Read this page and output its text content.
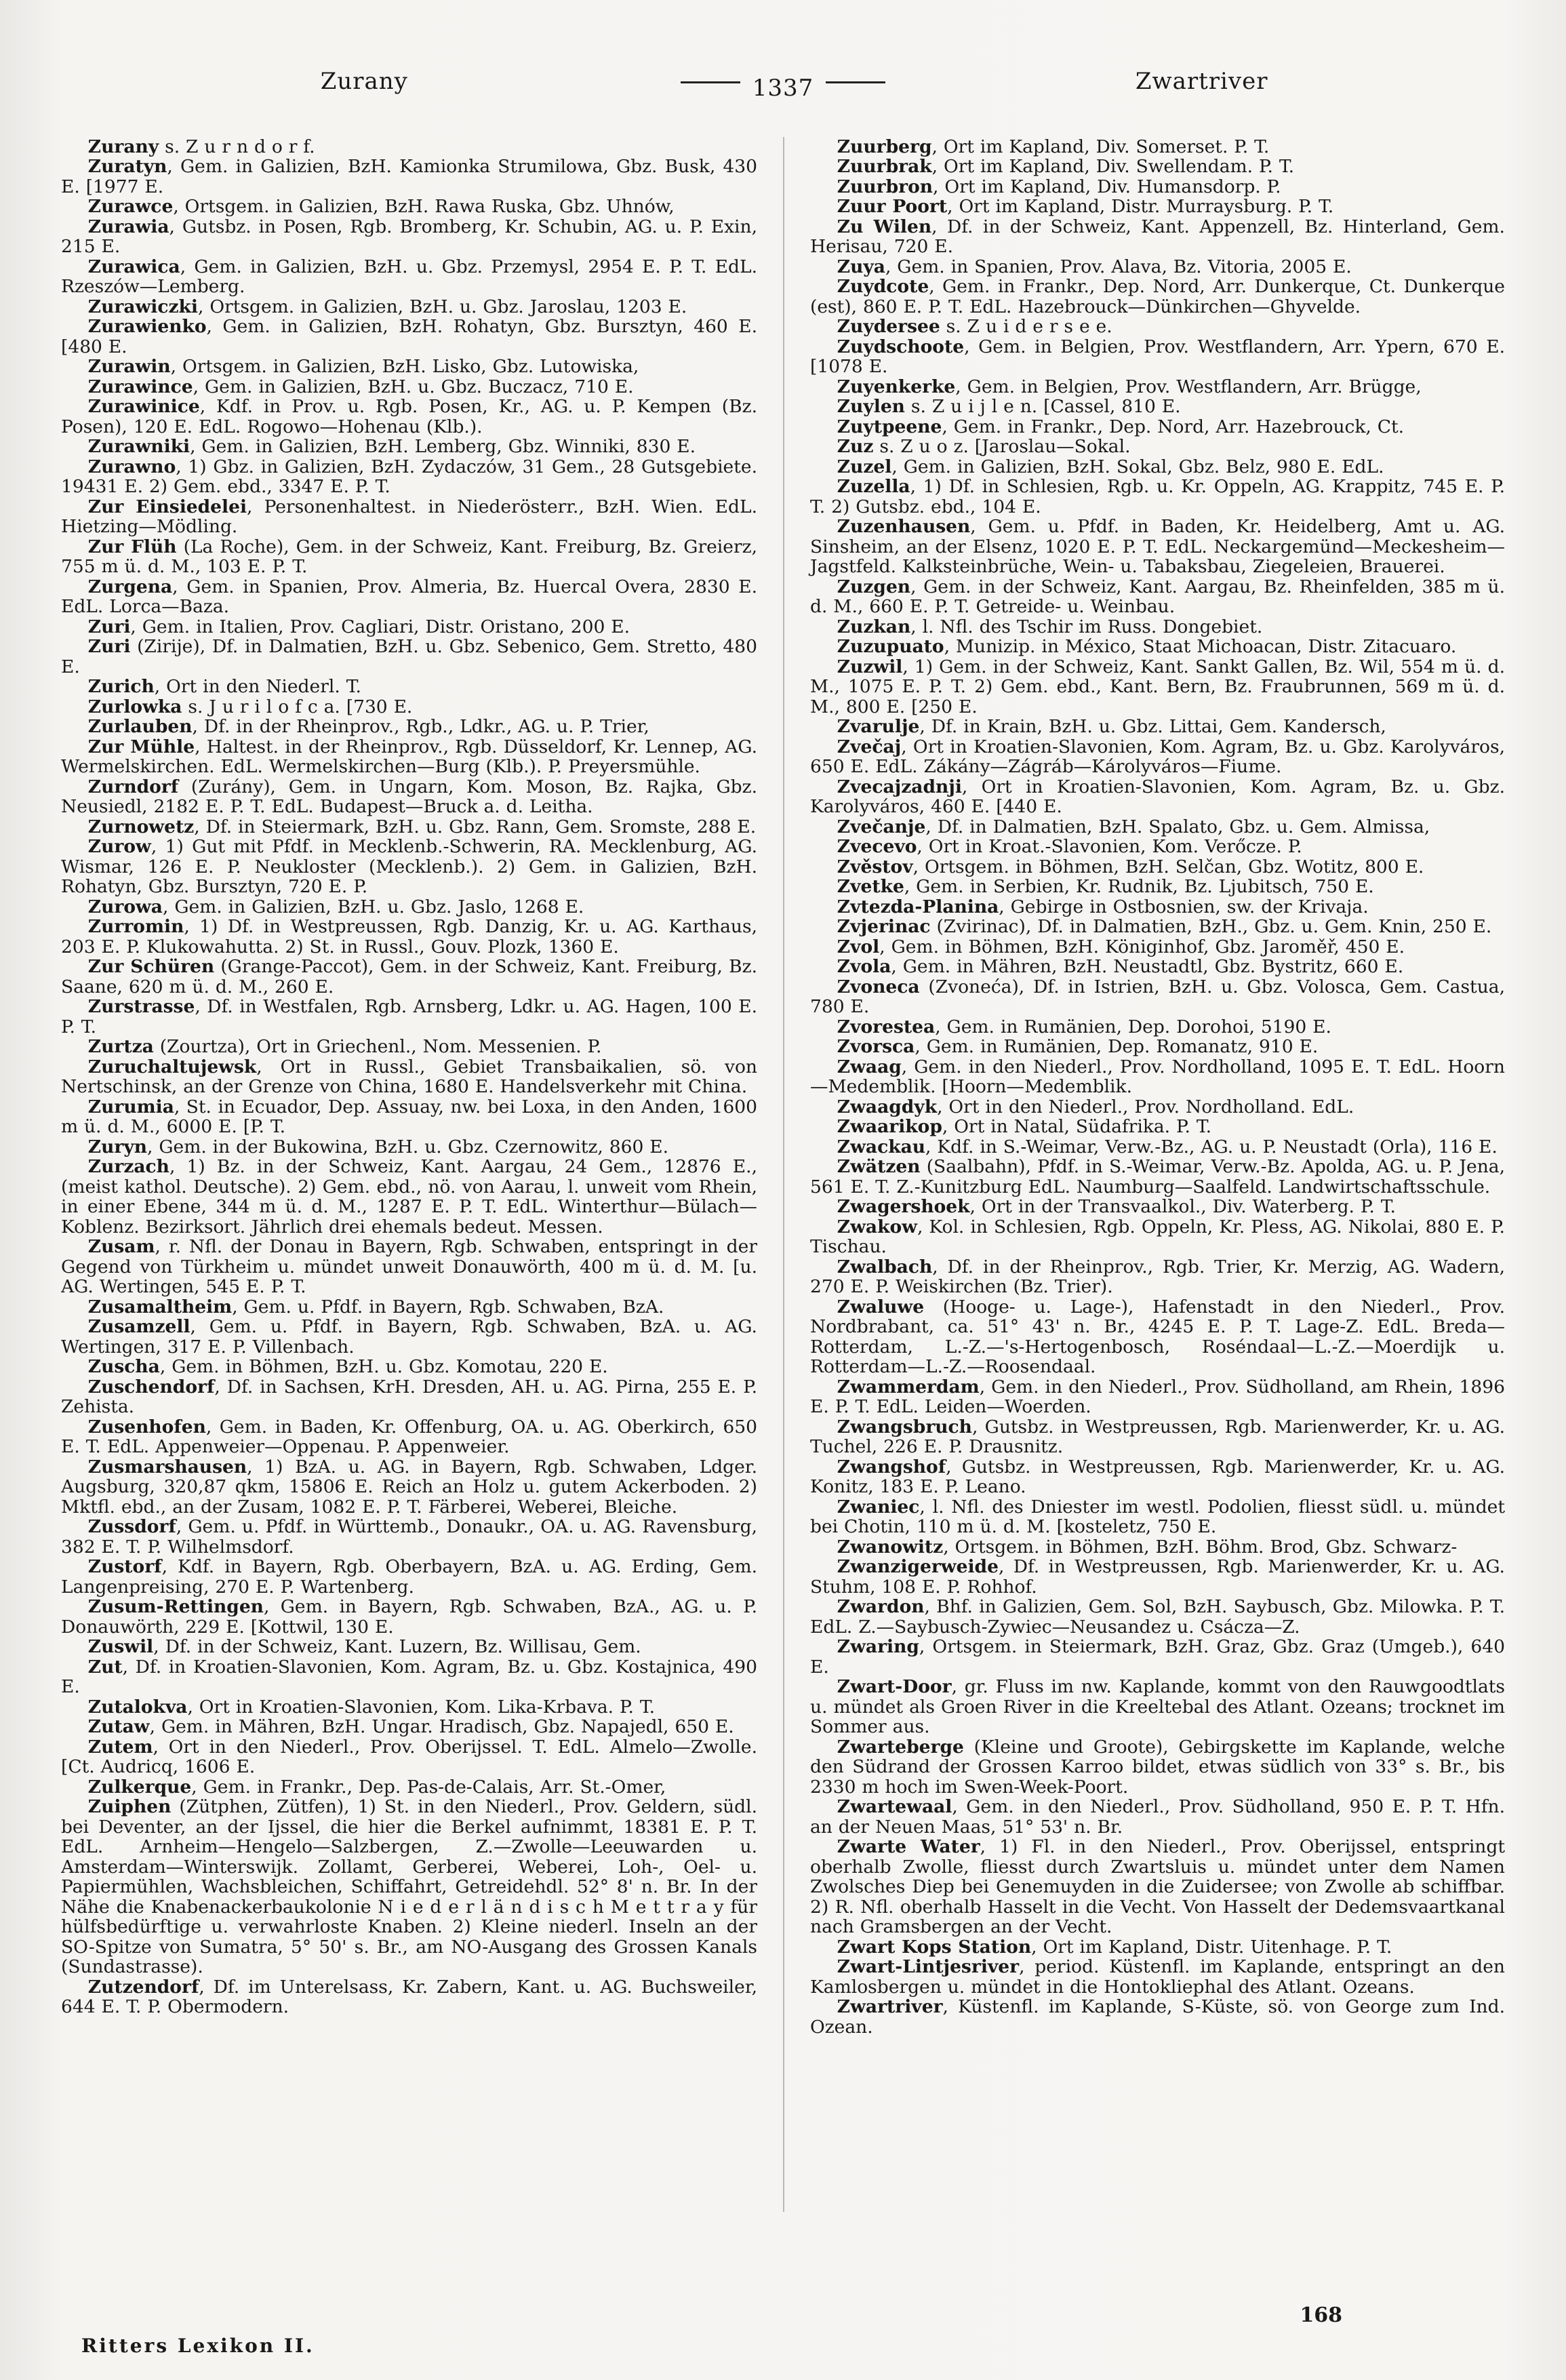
Zurany	1337	Zwartriver

Zurany s. Z u r n d o r f.

Zuratyn, Gem. in Galizien, BzH. Kamionka Strumilowa, Gbz. Busk, 430 E. [1977 E.

Zurawce, Ortsgem. in Galizien, BzH. Rawa Ruska, Gbz. Uhnów,

Zurawia, Gutsbz. in Posen, Rgb. Bromberg, Kr. Schubin, AG. u. P. Exin, 215 E.

Zurawica, Gem. in Galizien, BzH. u. Gbz. Przemysl, 2954 E. P. T. EdL. Rzeszów—Lemberg.

Zurawiczki, Ortsgem. in Galizien, BzH. u. Gbz. Jaroslau, 1203 E.

Zurawienko, Gem. in Galizien, BzH. Rohatyn, Gbz. Bursztyn, 460 E. [480 E.

Zurawin, Ortsgem. in Galizien, BzH. Lisko, Gbz. Lutowiska,

Zurawince, Gem. in Galizien, BzH. u. Gbz. Buczacz, 710 E.

Zurawinice, Kdf. in Prov. u. Rgb. Posen, Kr., AG. u. P. Kempen (Bz. Posen), 120 E. EdL. Rogowo—Hohenau (Klb.).

Zurawniki, Gem. in Galizien, BzH. Lemberg, Gbz. Winniki, 830 E.

Zurawno, 1) Gbz. in Galizien, BzH. Zydaczów, 31 Gem., 28 Gutsgebiete. 19431 E. 2) Gem. ebd., 3347 E. P. T.

Zur Einsiedelei, Personenhaltest. in Niederösterr., BzH. Wien. EdL. Hietzing—Mödling.

Zur Flüh (La Roche), Gem. in der Schweiz, Kant. Freiburg, Bz. Greierz, 755 m ü. d. M., 103 E. P. T.

Zurgena, Gem. in Spanien, Prov. Almeria, Bz. Huercal Overa, 2830 E. EdL. Lorca—Baza.

Zuri, Gem. in Italien, Prov. Cagliari, Distr. Oristano, 200 E.

Zuri (Zirije), Df. in Dalmatien, BzH. u. Gbz. Sebenico, Gem. Stretto, 480 E.

Zurich, Ort in den Niederl. T.

Zurlowka s. J u r i l o f c a. [730 E.

Zurlauben, Df. in der Rheinprov., Rgb., Ldkr., AG. u. P. Trier,

Zur Mühle, Haltest. in der Rheinprov., Rgb. Düsseldorf, Kr. Lennep, AG. Wermelskirchen. EdL. Wermelskirchen—Burg (Klb.). P. Preyersmühle.

Zurndorf (Zurány), Gem. in Ungarn, Kom. Moson, Bz. Rajka, Gbz. Neusiedl, 2182 E. P. T. EdL. Budapest—Bruck a. d. Leitha.

Zurnowetz, Df. in Steiermark, BzH. u. Gbz. Rann, Gem. Sromste, 288 E.

Zurow, 1) Gut mit Pfdf. in Mecklenb.-Schwerin, RA. Mecklenburg, AG. Wismar, 126 E. P. Neukloster (Mecklenb.). 2) Gem. in Galizien, BzH. Rohatyn, Gbz. Bursztyn, 720 E. P.

Zurowa, Gem. in Galizien, BzH. u. Gbz. Jaslo, 1268 E.

Zurromin, 1) Df. in Westpreussen, Rgb. Danzig, Kr. u. AG. Karthaus, 203 E. P. Klukowahutta. 2) St. in Russl., Gouv. Plozk, 1360 E.

Zur Schüren (Grange-Paccot), Gem. in der Schweiz, Kant. Freiburg, Bz. Saane, 620 m ü. d. M., 260 E.

Zurstrasse, Df. in Westfalen, Rgb. Arnsberg, Ldkr. u. AG. Hagen, 100 E. P. T.

Zurtza (Zourtza), Ort in Griechenl., Nom. Messenien. P.

Zuruchaltujewsk, Ort in Russl., Gebiet Transbaikalien, sö. von Nertschinsk, an der Grenze von China, 1680 E. Handelsverkehr mit China.

Zurumia, St. in Ecuador, Dep. Assuay, nw. bei Loxa, in den Anden, 1600 m ü. d. M., 6000 E. [P. T.

Zuryn, Gem. in der Bukowina, BzH. u. Gbz. Czernowitz, 860 E.

Zurzach, 1) Bz. in der Schweiz, Kant. Aargau, 24 Gem., 12876 E., (meist kathol. Deutsche). 2) Gem. ebd., nö. von Aarau, l. unweit vom Rhein, in einer Ebene, 344 m ü. d. M., 1287 E. P. T. EdL. Winterthur—Bülach—Koblenz. Bezirksort. Jährlich drei ehemals bedeut. Messen.

Zusam, r. Nfl. der Donau in Bayern, Rgb. Schwaben, entspringt in der Gegend von Türkheim u. mündet unweit Donauwörth, 400 m ü. d. M. [u. AG. Wertingen, 545 E. P. T.

Zusamaltheim, Gem. u. Pfdf. in Bayern, Rgb. Schwaben, BzA.

Zusamzell, Gem. u. Pfdf. in Bayern, Rgb. Schwaben, BzA. u. AG. Wertingen, 317 E. P. Villenbach.

Zuscha, Gem. in Böhmen, BzH. u. Gbz. Komotau, 220 E.

Zuschendorf, Df. in Sachsen, KrH. Dresden, AH. u. AG. Pirna, 255 E. P. Zehista.

Zusenhofen, Gem. in Baden, Kr. Offenburg, OA. u. AG. Oberkirch, 650 E. T. EdL. Appenweier—Oppenau. P. Appenweier.

Zusmarshausen, 1) BzA. u. AG. in Bayern, Rgb. Schwaben, Ldger. Augsburg, 320,87 qkm, 15806 E. Reich an Holz u. gutem Ackerboden. 2) Mktfl. ebd., an der Zusam, 1082 E. P. T. Färberei, Weberei, Bleiche.

Zussdorf, Gem. u. Pfdf. in Württemb., Donaukr., OA. u. AG. Ravensburg, 382 E. T. P. Wilhelmsdorf.

Zustorf, Kdf. in Bayern, Rgb. Oberbayern, BzA. u. AG. Erding, Gem. Langenpreising, 270 E. P. Wartenberg.

Zusum-Rettingen, Gem. in Bayern, Rgb. Schwaben, BzA., AG. u. P. Donauwörth, 229 E. [Kottwil, 130 E.

Zuswil, Df. in der Schweiz, Kant. Luzern, Bz. Willisau, Gem.

Zut, Df. in Kroatien-Slavonien, Kom. Agram, Bz. u. Gbz. Kostajnica, 490 E.

Zutalokva, Ort in Kroatien-Slavonien, Kom. Lika-Krbava. P. T.

Zutaw, Gem. in Mähren, BzH. Ungar. Hradisch, Gbz. Napajedl, 650 E.

Zutem, Ort in den Niederl., Prov. Oberijssel. T. EdL. Almelo—Zwolle. [Ct. Audricq, 1606 E.

Zulkerque, Gem. in Frankr., Dep. Pas-de-Calais, Arr. St.-Omer,

Zuiphen (Zütphen, Zütfen), 1) St. in den Niederl., Prov. Geldern, südl. bei Deventer, an der Ijssel, die hier die Berkel aufnimmt, 18381 E. P. T. EdL. Arnheim—Hengelo—Salzbergen, Z.—Zwolle—Leeuwarden u. Amsterdam—Winterswijk. Zollamt, Gerberei, Weberei, Loh-, Oel- u. Papiermühlen, Wachsbleichen, Schiffahrt, Getreidehdl. 52° 8' n. Br. In der Nähe die Knabenackerbaukolonie N i e d e r l ä n d i s c h M e t t r a y für hülfsbedürftige u. verwahrloste Knaben. 2) Kleine niederl. Inseln an der SO-Spitze von Sumatra, 5° 50' s. Br., am NO-Ausgang des Grossen Kanals (Sundastrasse).

Zutzendorf, Df. im Unterelsass, Kr. Zabern, Kant. u. AG. Buchsweiler, 644 E. T. P. Obermodern.

Zuurberg, Ort im Kapland, Div. Somerset. P. T.

Zuurbrak, Ort im Kapland, Div. Swellendam. P. T.

Zuurbron, Ort im Kapland, Div. Humansdorp. P.

Zuur Poort, Ort im Kapland, Distr. Murraysburg. P. T.

Zu Wilen, Df. in der Schweiz, Kant. Appenzell, Bz. Hinterland, Gem. Herisau, 720 E.

Zuya, Gem. in Spanien, Prov. Alava, Bz. Vitoria, 2005 E.

Zuydcote, Gem. in Frankr., Dep. Nord, Arr. Dunkerque, Ct. Dunkerque (est), 860 E. P. T. EdL. Hazebrouck—Dünkirchen—Ghyvelde.

Zuydersee s. Z u i d e r s e e.

Zuydschoote, Gem. in Belgien, Prov. Westflandern, Arr. Ypern, 670 E. [1078 E.

Zuyenkerke, Gem. in Belgien, Prov. Westflandern, Arr. Brügge,

Zuylen s. Z u i j l e n. [Cassel, 810 E.

Zuytpeene, Gem. in Frankr., Dep. Nord, Arr. Hazebrouck, Ct.

Zuz s. Z u o z. [Jaroslau—Sokal.

Zuzel, Gem. in Galizien, BzH. Sokal, Gbz. Belz, 980 E. EdL.

Zuzella, 1) Df. in Schlesien, Rgb. u. Kr. Oppeln, AG. Krappitz, 745 E. P. T. 2) Gutsbz. ebd., 104 E.

Zuzenhausen, Gem. u. Pfdf. in Baden, Kr. Heidelberg, Amt u. AG. Sinsheim, an der Elsenz, 1020 E. P. T. EdL. Neckargemünd—Meckesheim—Jagstfeld. Kalksteinbrüche, Wein- u. Tabaksbau, Ziegeleien, Brauerei.

Zuzgen, Gem. in der Schweiz, Kant. Aargau, Bz. Rheinfelden, 385 m ü. d. M., 660 E. P. T. Getreide- u. Weinbau.

Zuzkan, l. Nfl. des Tschir im Russ. Dongebiet.

Zuzupuato, Munizip. in México, Staat Michoacan, Distr. Zitacuaro.

Zuzwil, 1) Gem. in der Schweiz, Kant. Sankt Gallen, Bz. Wil, 554 m ü. d. M., 1075 E. P. T. 2) Gem. ebd., Kant. Bern, Bz. Fraubrunnen, 569 m ü. d. M., 800 E. [250 E.

Zvarulje, Df. in Krain, BzH. u. Gbz. Littai, Gem. Kandersch,

Zvečaj, Ort in Kroatien-Slavonien, Kom. Agram, Bz. u. Gbz. Karolyváros, 650 E. EdL. Zákány—Zágráb—Károlyváros—Fiume.

Zvecajzadnji, Ort in Kroatien-Slavonien, Kom. Agram, Bz. u. Gbz. Karolyváros, 460 E. [440 E.

Zvečanje, Df. in Dalmatien, BzH. Spalato, Gbz. u. Gem. Almissa,

Zvecevo, Ort in Kroat.-Slavonien, Kom. Verőcze. P.

Zvěstov, Ortsgem. in Böhmen, BzH. Selčan, Gbz. Wotitz, 800 E.

Zvetke, Gem. in Serbien, Kr. Rudnik, Bz. Ljubitsch, 750 E.

Zvtezda-Planina, Gebirge in Ostbosnien, sw. der Krivaja.

Zvjerinac (Zvirinac), Df. in Dalmatien, BzH., Gbz. u. Gem. Knin, 250 E.

Zvol, Gem. in Böhmen, BzH. Königinhof, Gbz. Jaroměř, 450 E.

Zvola, Gem. in Mähren, BzH. Neustadtl, Gbz. Bystritz, 660 E.

Zvoneca (Zvoneća), Df. in Istrien, BzH. u. Gbz. Volosca, Gem. Castua, 780 E.

Zvorestea, Gem. in Rumänien, Dep. Dorohoi, 5190 E.

Zvorsca, Gem. in Rumänien, Dep. Romanatz, 910 E.

Zwaag, Gem. in den Niederl., Prov. Nordholland, 1095 E. T. EdL. Hoorn—Medemblik. [Hoorn—Medemblik.

Zwaagdyk, Ort in den Niederl., Prov. Nordholland. EdL.

Zwaarikop, Ort in Natal, Südafrika. P. T.

Zwackau, Kdf. in S.-Weimar, Verw.-Bz., AG. u. P. Neustadt (Orla), 116 E.

Zwätzen (Saalbahn), Pfdf. in S.-Weimar, Verw.-Bz. Apolda, AG. u. P. Jena, 561 E. T. Z.-Kunitzburg EdL. Naumburg—Saalfeld. Landwirtschaftsschule.

Zwagershoek, Ort in der Transvaalkol., Div. Waterberg. P. T.

Zwakow, Kol. in Schlesien, Rgb. Oppeln, Kr. Pless, AG. Nikolai, 880 E. P. Tischau.

Zwalbach, Df. in der Rheinprov., Rgb. Trier, Kr. Merzig, AG. Wadern, 270 E. P. Weiskirchen (Bz. Trier).

Zwaluwe (Hooge- u. Lage-), Hafenstadt in den Niederl., Prov. Nordbrabant, ca. 51° 43' n. Br., 4245 E. P. T. Lage-Z. EdL. Breda—Rotterdam, L.-Z.—'s-Hertogenbosch, Roséndaal—L.-Z.—Moerdijk u. Rotterdam—L.-Z.—Roosendaal.

Zwammerdam, Gem. in den Niederl., Prov. Südholland, am Rhein, 1896 E. P. T. EdL. Leiden—Woerden.

Zwangsbruch, Gutsbz. in Westpreussen, Rgb. Marienwerder, Kr. u. AG. Tuchel, 226 E. P. Drausnitz.

Zwangshof, Gutsbz. in Westpreussen, Rgb. Marienwerder, Kr. u. AG. Konitz, 183 E. P. Leano.

Zwaniec, l. Nfl. des Dniester im westl. Podolien, fliesst südl. u. mündet bei Chotin, 110 m ü. d. M. [kosteletz, 750 E.

Zwanowitz, Ortsgem. in Böhmen, BzH. Böhm. Brod, Gbz. Schwarz-

Zwanzigerweide, Df. in Westpreussen, Rgb. Marienwerder, Kr. u. AG. Stuhm, 108 E. P. Rohhof.

Zwardon, Bhf. in Galizien, Gem. Sol, BzH. Saybusch, Gbz. Milowka. P. T. EdL. Z.—Saybusch-Zywiec—Neusandez u. Csácza—Z.

Zwaring, Ortsgem. in Steiermark, BzH. Graz, Gbz. Graz (Umgeb.), 640 E.

Zwart-Door, gr. Fluss im nw. Kaplande, kommt von den Rauwgoodtlats u. mündet als Groen River in die Kreeltebal des Atlant. Ozeans; trocknet im Sommer aus.

Zwarteberge (Kleine und Groote), Gebirgskette im Kaplande, welche den Südrand der Grossen Karroo bildet, etwas südlich von 33° s. Br., bis 2330 m hoch im Swen-Week-Poort.

Zwartewaal, Gem. in den Niederl., Prov. Südholland, 950 E. P. T. Hfn. an der Neuen Maas, 51° 53' n. Br.

Zwarte Water, 1) Fl. in den Niederl., Prov. Oberijssel, entspringt oberhalb Zwolle, fliesst durch Zwartsluis u. mündet unter dem Namen Zwolsches Diep bei Genemuyden in die Zuidersee; von Zwolle ab schiffbar. 2) R. Nfl. oberhalb Hasselt in die Vecht. Von Hasselt der Dedemsvaartkanal nach Gramsbergen an der Vecht.

Zwart Kops Station, Ort im Kapland, Distr. Uitenhage. P. T.

Zwart-Lintjesriver, period. Küstenfl. im Kaplande, entspringt an den Kamlosbergen u. mündet in die Hontokliephal des Atlant. Ozeans.

Zwartriver, Küstenfl. im Kaplande, S-Küste, sö. von George zum Ind. Ozean.

Ritters Lexikon II.
168
